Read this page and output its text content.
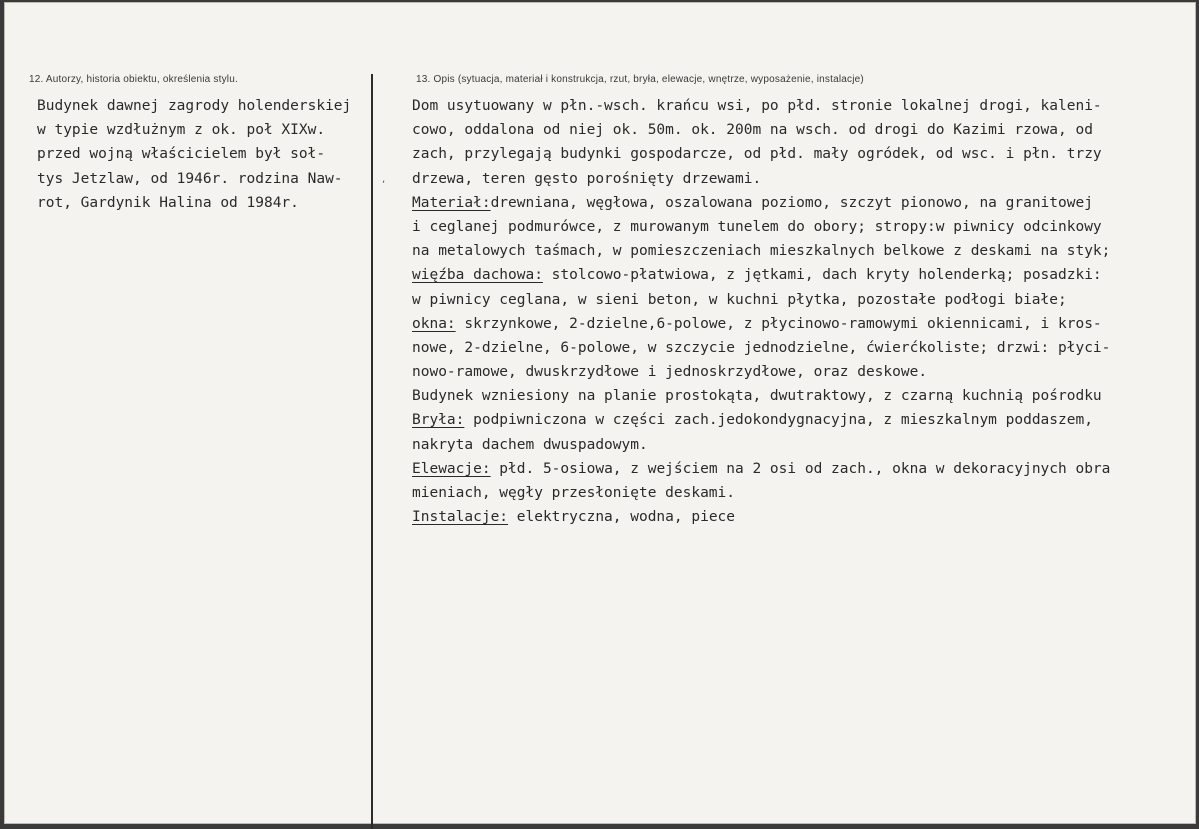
,
12. Autorzy, historia obiektu, określenia stylu.	13. Opis (sytuacja, materiał i konstrukcja, rzut, bryła, elewacje, wnętrze, wyposażenie, instalacje)
Budynek dawnej zagrody holenderskiej
w typie wzdłużnym z ok. poł XIXw.
przed wojną właścicielem był soł-
tys Jetzlaw, od 1946r. rodzina Naw-
rot, Gardynik Halina od 1984r.
Dom usytuowany w płn.-wsch. krańcu wsi, po płd. stronie lokalnej drogi, kaleni-
cowo, oddalona od niej ok. 50m. ok. 200m na wsch. od drogi do Kazimi rzowa, od
zach, przylegają budynki gospodarcze, od płd. mały ogródek, od wsc. i płn. trzy
drzewa, teren gęsto porośnięty drzewami.
Materiał:drewniana, węgłowa, oszalowana poziomo, szczyt pionowo, na granitowej
i ceglanej podmurówce, z murowanym tunelem do obory; stropy:w piwnicy odcinkowy
na metalowych taśmach, w pomieszczeniach mieszkalnych belkowe z deskami na styk;
więźba dachowa: stolcowo-płatwiowa, z jętkami, dach kryty holenderką; posadzki:
w piwnicy ceglana, w sieni beton, w kuchni płytka, pozostałe podłogi białe;
okna: skrzynkowe, 2-dzielne,6-polowe, z płycinowo-ramowymi okiennicami, i kros-
nowe, 2-dzielne, 6-polowe, w szczycie jednodzielne, ćwierćkoliste; drzwi: płyci-
nowo-ramowe, dwuskrzydłowe i jednoskrzydłowe, oraz deskowe.
Budynek wzniesiony na planie prostokąta, dwutraktowy, z czarną kuchnią pośrodku
Bryła: podpiwniczona w części zach.jedokondygnacyjna, z mieszkalnym poddaszem,
nakryta dachem dwuspadowym.
Elewacje: płd. 5-osiowa, z wejściem na 2 osi od zach., okna w dekoracyjnych obra
mieniach, węgły przesłonięte deskami.
Instalacje: elektryczna, wodna, piece
